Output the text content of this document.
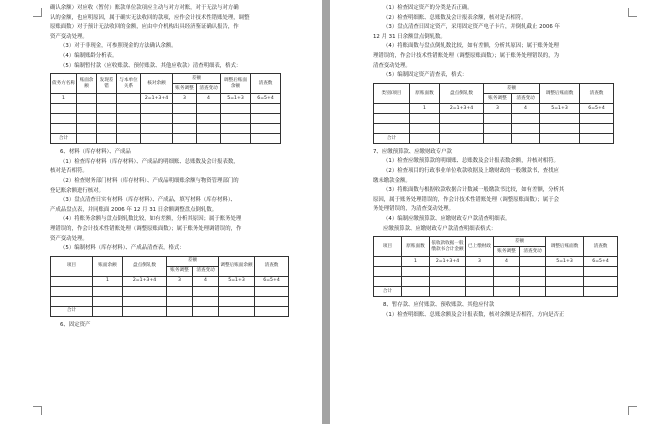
确认余额）对应收（暂付）账款单位款项应主动与对方对账，对于无法与对方确
认的金额，也应明原因，属于确实无法收回的款项，应作会计技术性错账处理，调整
原账面数）对于预计无法收回的金额，应由中介机构出具经济鉴证确认报告，作
资产变动处理。
（3）对于非现金，可参照现金的方法确认余额。
（4）编制账龄分析表。
（5）编制暂付款（应收账款、预付账款、其他应收款）清查明细表，格式：
债务方名称	账面余额	发现差错	与本单位关系	核对余额	差额		调整后账面余额	清查数
					账务调整	清查变动		
1				2=1+3+4	3	4	5=1+3	6=5+4

合计								
6、材料（库存材料）、产成品
（1）检查库存材料（库存材料）、产成品的明细账、总账数及会计报表数，
核对是否相符。
（2）检查财务部门材料（库存材料）、产成品明细账余额与物资管理部门的
登记账余额进行核对。
（3）盘点清查日实有材料（库存材料）、产成品，填写材料（库存材料）、
产成品盘点表，并同账面 2006 年 12 月 31 日余额调整盘点倒轧数。
（4）将账务余额与盘点倒轧数比较，如有差额，分析其原因；属于账务处理
理错误的，作会计技术性错账处理（调整原账面数）；属于账务处理调错误的，作
资产变动处理。
（5）编制材料（库存材料）、产成品清查表，格式：
项目	账面余额	盘点倒轧数	差额		调整后账面余额	清查数
			账务调整	清查变动		
	1	2=1+3+4	3	4	5=1+3	6=5+4

合计						
6、固定资产
（1）检查固定资产的分类是否正确。
（2）检查明细账、总账数及会计报表余额，核对是否相符。
（3）盘点清查日固定资产，采用固定资产电子卡片，并倒轧截止 2006 年
12 月 31 日余额盘点倒轧数。
（4）将账面数与盘点倒轧数比较，如有差额，分析其原因；属于账务处理
理错误的，作会计技术性错账处理（调整原账面数）；属于账务处理错误的，为
清查变动处理。
（5）编制固定资产清查表，格式：
类别/项目	原账面数	盘点倒轧数	差额		调整后账面数	清查数
			账务调整	清查变动		
	1	2=1+3+4	3	4	5=1+3	6=5+4

合计						
7、应缴预算款、应缴财政专户款
（1）检查应缴预算款的明细账、总账数及会计报表数余额，并核对相符。
（2）检查项目的行政事业单位收款收据及上缴财政的一般缴款书，查找应
缴未缴款金额。
（3）将账面数与根据收款收据合计数减一般缴款书比较，如有差额，分析其
原因，属于账务处理错误的，作会计技术性错账处理（调整原账面数）；属于会
务处理错误的，为清查变动处理。
（4）编制应缴预算款、应缴财政专户款清查明细表。
应缴预算款、应缴财政专户款清查明细表格式：
项目	原账面数	依收款收据一般缴款书合计金额	已上缴财政	差额		调整后账面数	清查数
				账务调整	清查变动		
	1	2=1+3+4	3	4		5=1+3	6=5+4

合计							
8、暂存款、应付账款、预收账款、其他应付款
（1）检查明细账、总账余额及会计报表数，核对余额是否相符，方向是否正
